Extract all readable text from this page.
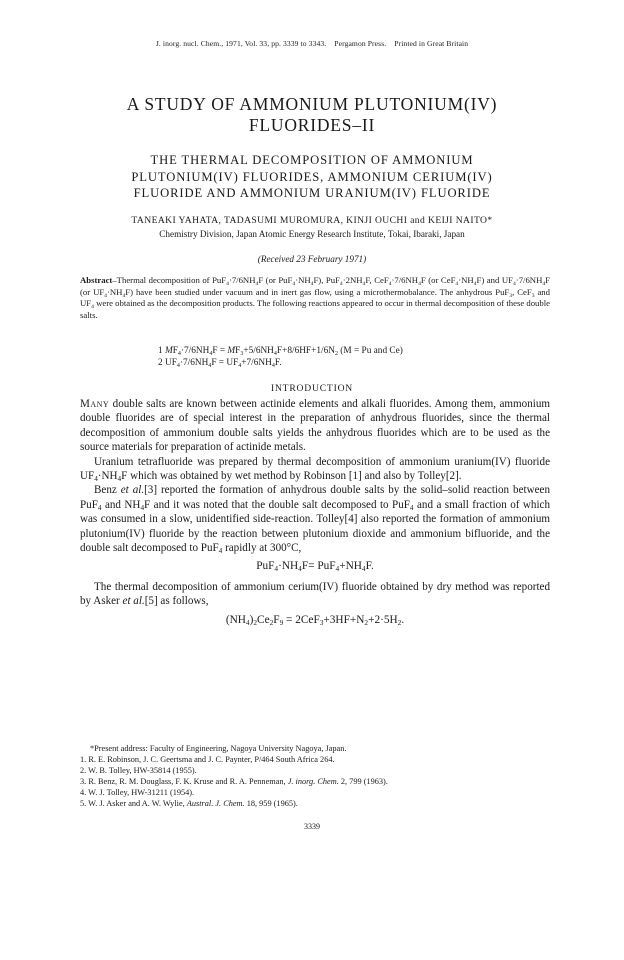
J. inorg. nucl. Chem., 1971, Vol. 33, pp. 3339 to 3343. Pergamon Press. Printed in Great Britain
A STUDY OF AMMONIUM PLUTONIUM(IV)
FLUORIDES–II
THE THERMAL DECOMPOSITION OF AMMONIUM
PLUTONIUM(IV) FLUORIDES, AMMONIUM CERIUM(IV)
FLUORIDE AND AMMONIUM URANIUM(IV) FLUORIDE
TANEAKI YAHATA, TADASUMI MUROMURA, KINJI OUCHI and KEIJI NAITO*
Chemistry Division, Japan Atomic Energy Research Institute, Tokai, Ibaraki, Japan
(Received 23 February 1971)
Abstract–Thermal decomposition of $PuF_4\cdot 7/6NH_4F$ (or $PuF_4\cdot NH_4F$), $PuF_4\cdot 2NH_4F$, $CeF_4\cdot 7/6NH_4F$ (or $CeF_4\cdot NH_4F$) and $UF_4\cdot 7/6NH_4F$ (or $UF_4\cdot NH_4F$) have been studied under vacuum and in inert gas flow, using a microthermobalance. The anhydrous PuF$_3$, CeF$_3$ and $UF_4$ were obtained as the decomposition products. The following reactions appeared to occur in thermal decomposition of these double salts.
1 $MF_4\cdot 7/6NH_4F = MF_3+5/6NH_4F+8/6HF+1/6N_2$ (M = Pu and Ce)
2 $UF_4\cdot 7/6NH_4F = UF_4+7/6NH_4F$.
INTRODUCTION

Many double salts are known between actinide elements and alkali fluorides. Among them, ammonium double fluorides are of special interest in the preparation of anhydrous fluorides, since the thermal decomposition of ammonium double salts yields the anhydrous fluorides which are to be used as the source materials for preparation of actinide metals.

Uranium tetrafluoride was prepared by thermal decomposition of ammonium uranium(IV) fluoride $UF_4\cdot NH_4F$ which was obtained by wet method by Robinson [1] and also by Tolley[2].

Benz et al.[3] reported the formation of anhydrous double salts by the solid–solid reaction between PuF$_4$ and $NH_4F$ and it was noted that the double salt decomposed to PuF$_4$ and a small fraction of which was consumed in a slow, unidentified side-reaction. Tolley[4] also reported the formation of ammonium plutonium(IV) fluoride by the reaction between plutonium dioxide and ammonium bifluoride, and the double salt decomposed to PuF$_4$ rapidly at 300°C,

$PuF_4\cdot NH_4F= PuF_4+NH_4F$.

The thermal decomposition of ammonium cerium(IV) fluoride obtained by dry method was reported by Asker et al.[5] as follows,

$(NH_4)_2Ce_2F_9 = 2CeF_3+3HF+N_2+2\cdot 5H_2$.

*Present address: Faculty of Engineering, Nagoya University Nagoya, Japan.

1. R. E. Robinson, J. C. Geertsma and J. C. Paynter, P/464 South Africa 264.

2. W. B. Tolley, HW-35814 (1955).

3. R. Benz, R. M. Douglass, F. K. Kruse and R. A. Penneman, J. inorg. Chem. 2, 799 (1963).

4. W. J. Tolley, HW-31211 (1954).

5. W. J. Asker and A. W. Wylie, Austral. J. Chem. 18, 959 (1965).

3339
